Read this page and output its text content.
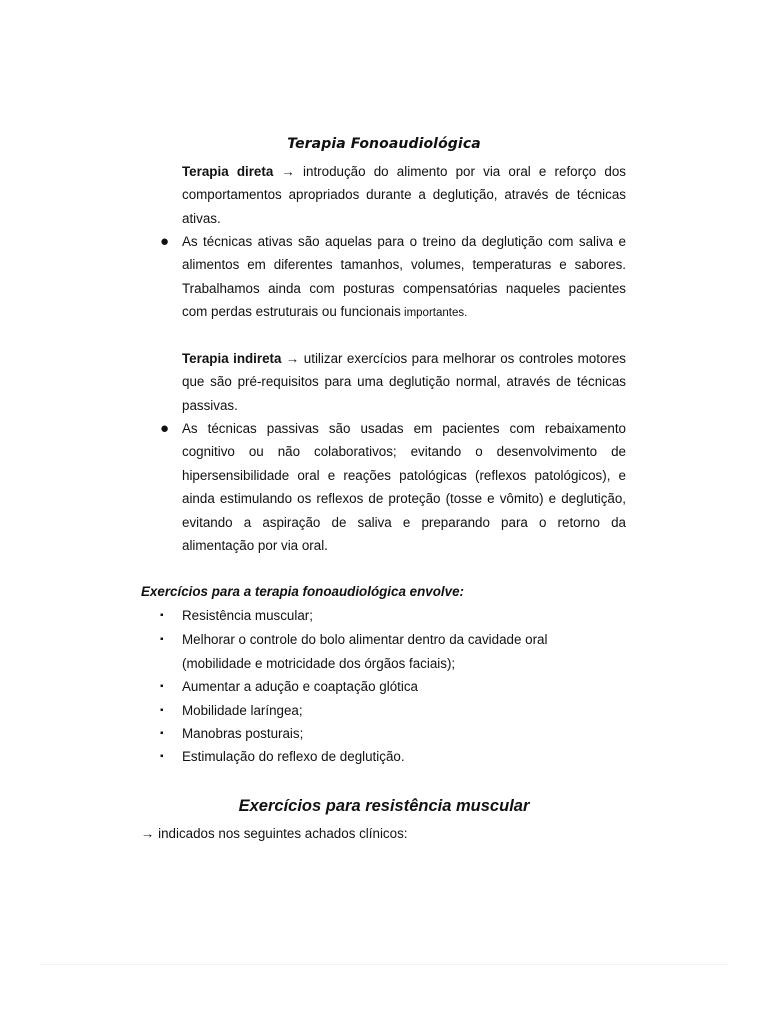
Terapia Fonoaudiológica
Terapia direta → introdução do alimento por via oral e reforço dos comportamentos apropriados durante a deglutição, através de técnicas ativas.
● As técnicas ativas são aquelas para o treino da deglutição com saliva e alimentos em diferentes tamanhos, volumes, temperaturas e sabores. Trabalhamos ainda com posturas compensatórias naqueles pacientes com perdas estruturais ou funcionais importantes.
Terapia indireta → utilizar exercícios para melhorar os controles motores que são pré-requisitos para uma deglutição normal, através de técnicas passivas.
● As técnicas passivas são usadas em pacientes com rebaixamento cognitivo ou não colaborativos; evitando o desenvolvimento de hipersensibilidade oral e reações patológicas (reflexos patológicos), e ainda estimulando os reflexos de proteção (tosse e vômito) e deglutição, evitando a aspiração de saliva e preparando para o retorno da alimentação por via oral.
Exercícios para a terapia fonoaudiológica envolve:
▪ Resistência muscular;
▪ Melhorar o controle do bolo alimentar dentro da cavidade oral
(mobilidade e motricidade dos órgãos faciais);
▪ Aumentar a adução e coaptação glótica
▪ Mobilidade laríngea;
▪ Manobras posturais;
▪ Estimulação do reflexo de deglutição.
Exercícios para resistência muscular
→ indicados nos seguintes achados clínicos:
